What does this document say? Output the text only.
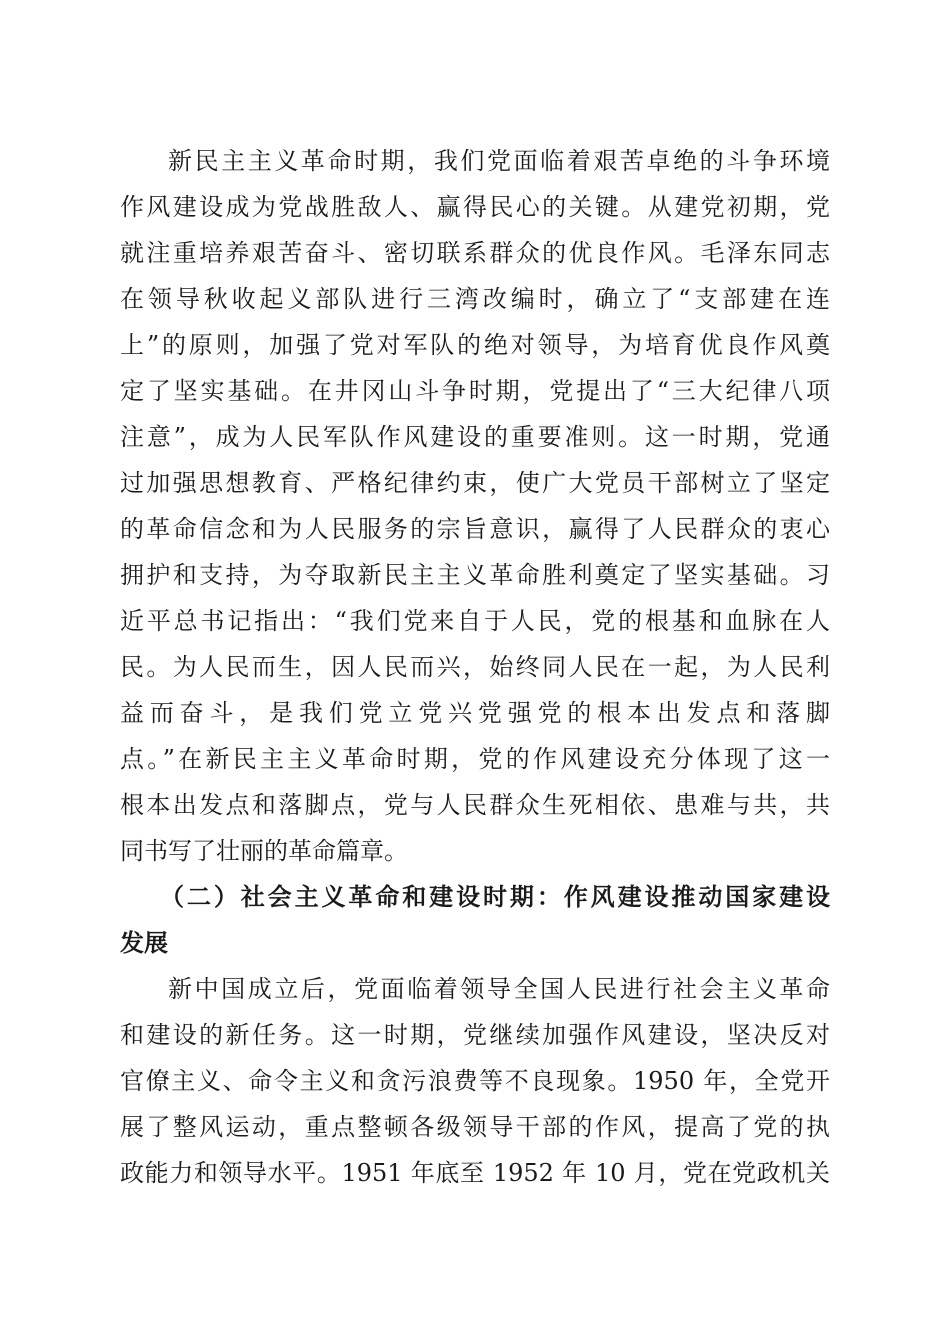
新民主主义革命时期，我们党面临着艰苦卓绝的斗争环境
作风建设成为党战胜敌人、赢得民心的关键。从建党初期，党
就注重培养艰苦奋斗、密切联系群众的优良作风。毛泽东同志
在领导秋收起义部队进行三湾改编时，确立了“支部建在连
上”的原则，加强了党对军队的绝对领导，为培育优良作风奠
定了坚实基础。在井冈山斗争时期，党提出了“三大纪律八项
注意”，成为人民军队作风建设的重要准则。这一时期，党通
过加强思想教育、严格纪律约束，使广大党员干部树立了坚定
的革命信念和为人民服务的宗旨意识，赢得了人民群众的衷心
拥护和支持，为夺取新民主主义革命胜利奠定了坚实基础。习
近平总书记指出：“我们党来自于人民，党的根基和血脉在人
民。为人民而生，因人民而兴，始终同人民在一起，为人民利
益而奋斗，是我们党立党兴党强党的根本出发点和落脚
点。”在新民主主义革命时期，党的作风建设充分体现了这一
根本出发点和落脚点，党与人民群众生死相依、患难与共，共
同书写了壮丽的革命篇章。
（二）社会主义革命和建设时期：作风建设推动国家建设
发展
新中国成立后，党面临着领导全国人民进行社会主义革命
和建设的新任务。这一时期，党继续加强作风建设，坚决反对
官僚主义、命令主义和贪污浪费等不良现象。1950 年，全党开
展了整风运动，重点整顿各级领导干部的作风，提高了党的执
政能力和领导水平。1951 年底至 1952 年 10 月，党在党政机关
